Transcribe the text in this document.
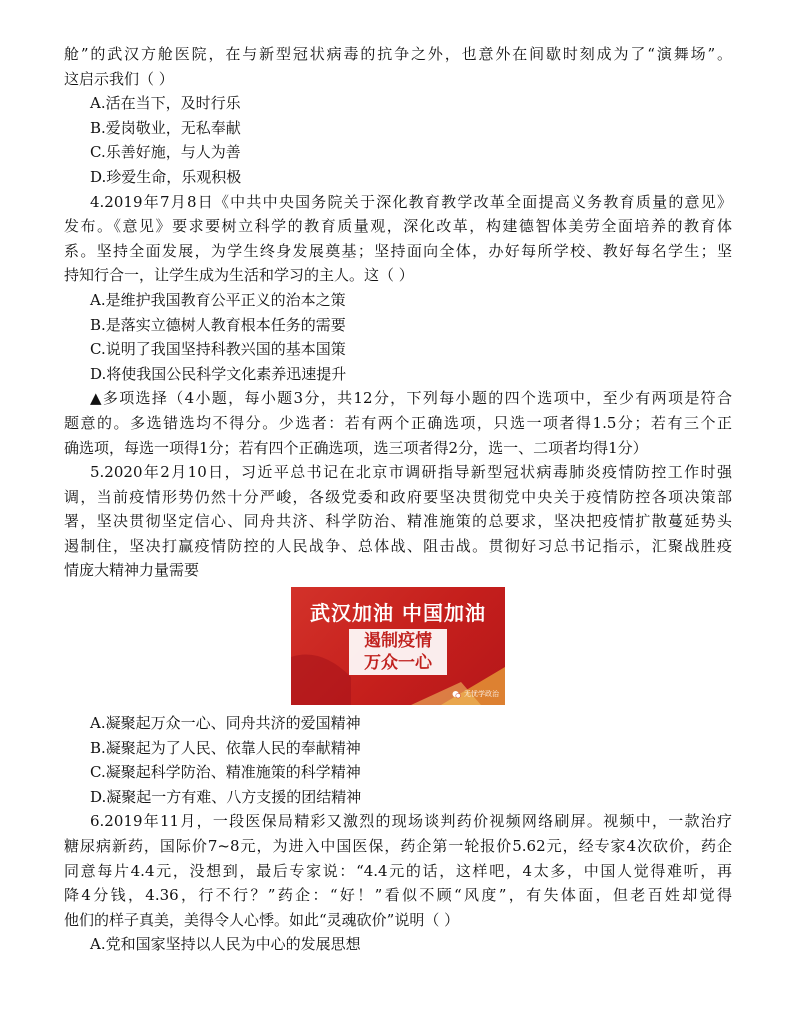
舱”的武汉方舱医院，在与新型冠状病毒的抗争之外，也意外在间歇时刻成为了“演舞场”。
这启示我们（ ）
A.活在当下，及时行乐
B.爱岗敬业，无私奉献
C.乐善好施，与人为善
D.珍爱生命，乐观积极
4.2019年7月8日《中共中央国务院关于深化教育教学改革全面提高义务教育质量的意见》
发布。《意见》要求要树立科学的教育质量观，深化改革，构建德智体美劳全面培养的教育体
系。坚持全面发展，为学生终身发展奠基；坚持面向全体，办好每所学校、教好每名学生；坚
持知行合一，让学生成为生活和学习的主人。这（ ）
A.是维护我国教育公平正义的治本之策
B.是落实立德树人教育根本任务的需要
C.说明了我国坚持科教兴国的基本国策
D.将使我国公民科学文化素养迅速提升
▲多项选择（4小题，每小题3分，共12分，下列每小题的四个选项中，至少有两项是符合
题意的。多选错选均不得分。少选者：若有两个正确选项，只选一项者得1.5分；若有三个正
确选项，每选一项得1分；若有四个正确选项，选三项者得2分，选一、二项者均得1分）
5.2020年2月10日，习近平总书记在北京市调研指导新型冠状病毒肺炎疫情防控工作时强
调，当前疫情形势仍然十分严峻，各级党委和政府要坚决贯彻党中央关于疫情防控各项决策部
署，坚决贯彻坚定信心、同舟共济、科学防治、精准施策的总要求，坚决把疫情扩散蔓延势头
遏制住，坚决打赢疫情防控的人民战争、总体战、阻击战。贯彻好习总书记指示，汇聚战胜疫
情庞大精神力量需要
武汉加油 中国加油
遏制疫情
万众一心
无忧学政治
A.凝聚起万众一心、同舟共济的爱国精神
B.凝聚起为了人民、依靠人民的奉献精神
C.凝聚起科学防治、精准施策的科学精神
D.凝聚起一方有难、八方支援的团结精神
6.2019年11月，一段医保局精彩又激烈的现场谈判药价视频网络刷屏。视频中，一款治疗
糖尿病新药，国际价7~8元，为进入中国医保，药企第一轮报价5.62元，经专家4次砍价，药企
同意每片4.4元，没想到，最后专家说：“4.4元的话，这样吧，4太多，中国人觉得难听，再
降4分钱，4.36，行不行？”药企：“好！”看似不顾“风度”，有失体面，但老百姓却觉得
他们的样子真美，美得令人心悸。如此“灵魂砍价”说明（ ）
A.党和国家坚持以人民为中心的发展思想
